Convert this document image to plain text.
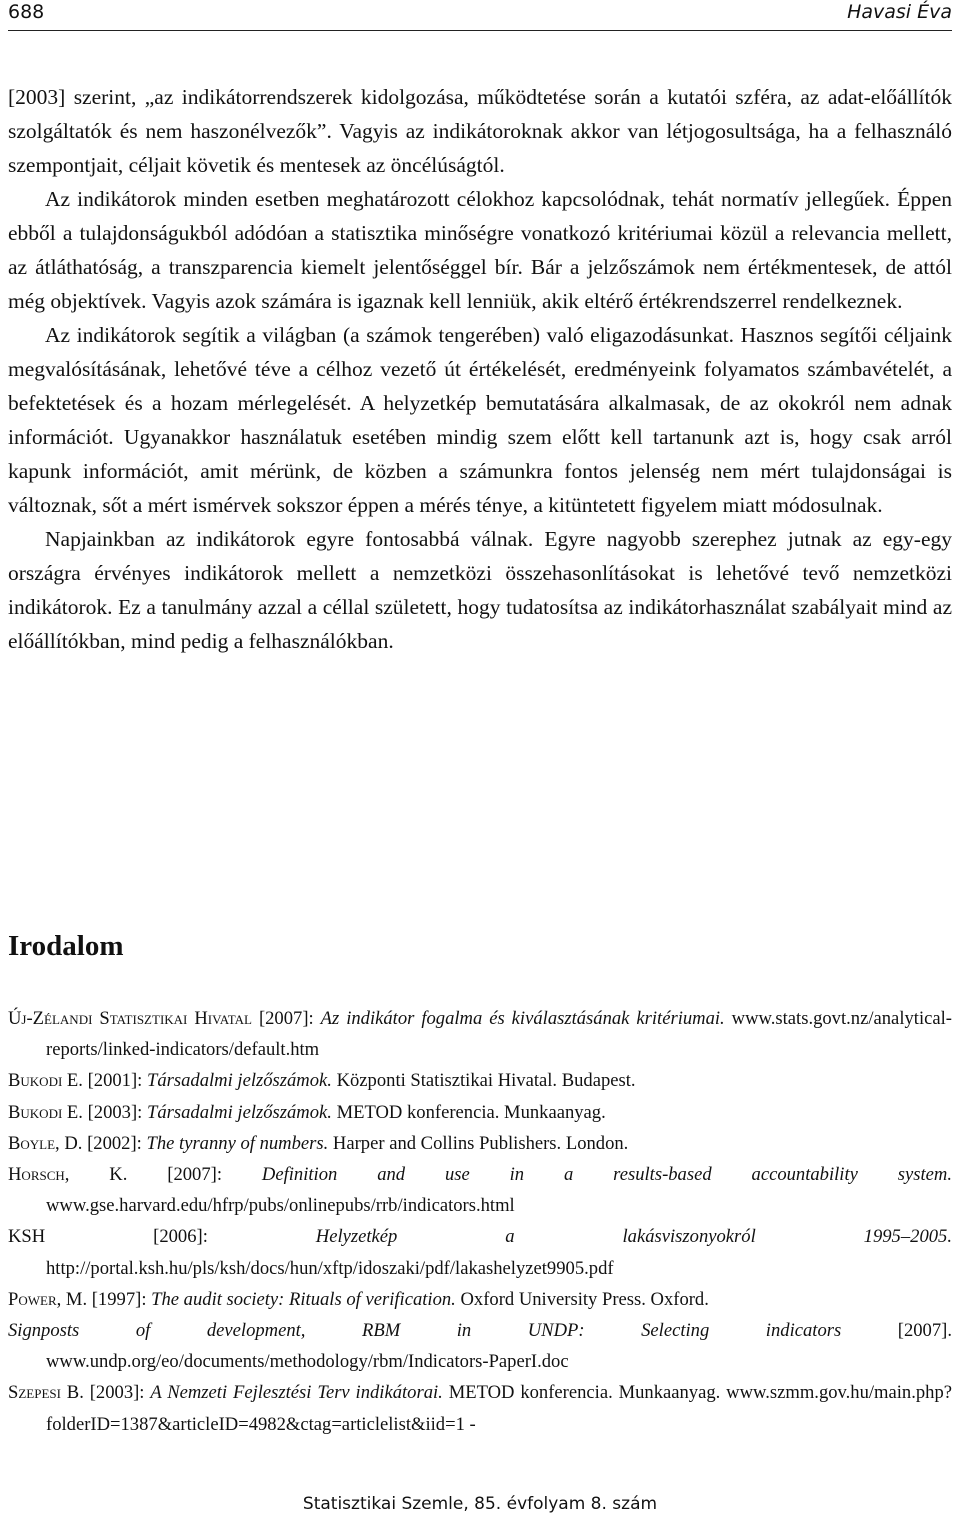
688	Havasi Éva

[2003] szerint, „az indikátorrendszerek kidolgozása, működtetése során a kutatói szféra, az adat-előállítók szolgáltatók és nem haszonélvezők”. Vagyis az indikátoroknak akkor van létjogosultsága, ha a felhasználó szempontjait, céljait követik és mentesek az öncélúságtól.

Az indikátorok minden esetben meghatározott célokhoz kapcsolódnak, tehát normatív jellegűek. Éppen ebből a tulajdonságukból adódóan a statisztika minőségre vonatkozó kritériumai közül a relevancia mellett, az átláthatóság, a transzparencia kiemelt jelentőséggel bír. Bár a jelzőszámok nem értékmentesek, de attól még objektívek. Vagyis azok számára is igaznak kell lenniük, akik eltérő értékrendszerrel rendelkeznek.

Az indikátorok segítik a világban (a számok tengerében) való eligazodásunkat. Hasznos segítői céljaink megvalósításának, lehetővé téve a célhoz vezető út értékelését, eredményeink folyamatos számbavételét, a befektetések és a hozam mérlegelését. A helyzetkép bemutatására alkalmasak, de az okokról nem adnak információt. Ugyanakkor használatuk esetében mindig szem előtt kell tartanunk azt is, hogy csak arról kapunk információt, amit mérünk, de közben a számunkra fontos jelenség nem mért tulajdonságai is változnak, sőt a mért ismérvek sokszor éppen a mérés ténye, a kitüntetett figyelem miatt módosulnak.

Napjainkban az indikátorok egyre fontosabbá válnak. Egyre nagyobb szerephez jutnak az egy-egy országra érvényes indikátorok mellett a nemzetközi összehasonlításokat is lehetővé tevő nemzetközi indikátorok. Ez a tanulmány azzal a céllal született, hogy tudatosítsa az indikátorhasználat szabályait mind az előállítókban, mind pedig a felhasználókban.

Irodalom
Új-Zélandi Statisztikai Hivatal [2007]: Az indikátor fogalma és kiválasztásának kritériumai. www.stats.govt.nz/analytical-reports/linked-indicators/default.htm
Bukodi E. [2001]: Társadalmi jelzőszámok. Központi Statisztikai Hivatal. Budapest.
Bukodi E. [2003]: Társadalmi jelzőszámok. METOD konferencia. Munkaanyag.
Boyle, D. [2002]: The tyranny of numbers. Harper and Collins Publishers. London.
Horsch, K. [2007]: Definition and use in a results-based accountability system. www.gse.harvard.edu/hfrp/pubs/onlinepubs/rrb/indicators.html
KSH [2006]: Helyzetkép a lakásviszonyokról 1995–2005. http://portal.ksh.hu/pls/ksh/docs/hun/xftp/idoszaki/pdf/lakashelyzet9905.pdf
Power, M. [1997]: The audit society: Rituals of verification. Oxford University Press. Oxford.
Signposts of development, RBM in UNDP: Selecting indicators [2007]. www.undp.org/eo/documents/methodology/rbm/Indicators-PaperI.doc
Szepesi B. [2003]: A Nemzeti Fejlesztési Terv indikátorai. METOD konferencia. Munkaanyag. www.szmm.gov.hu/main.php?folderID=1387&articleID=4982&ctag=articlelist&iid=1 -
Statisztikai Szemle, 85. évfolyam 8. szám
